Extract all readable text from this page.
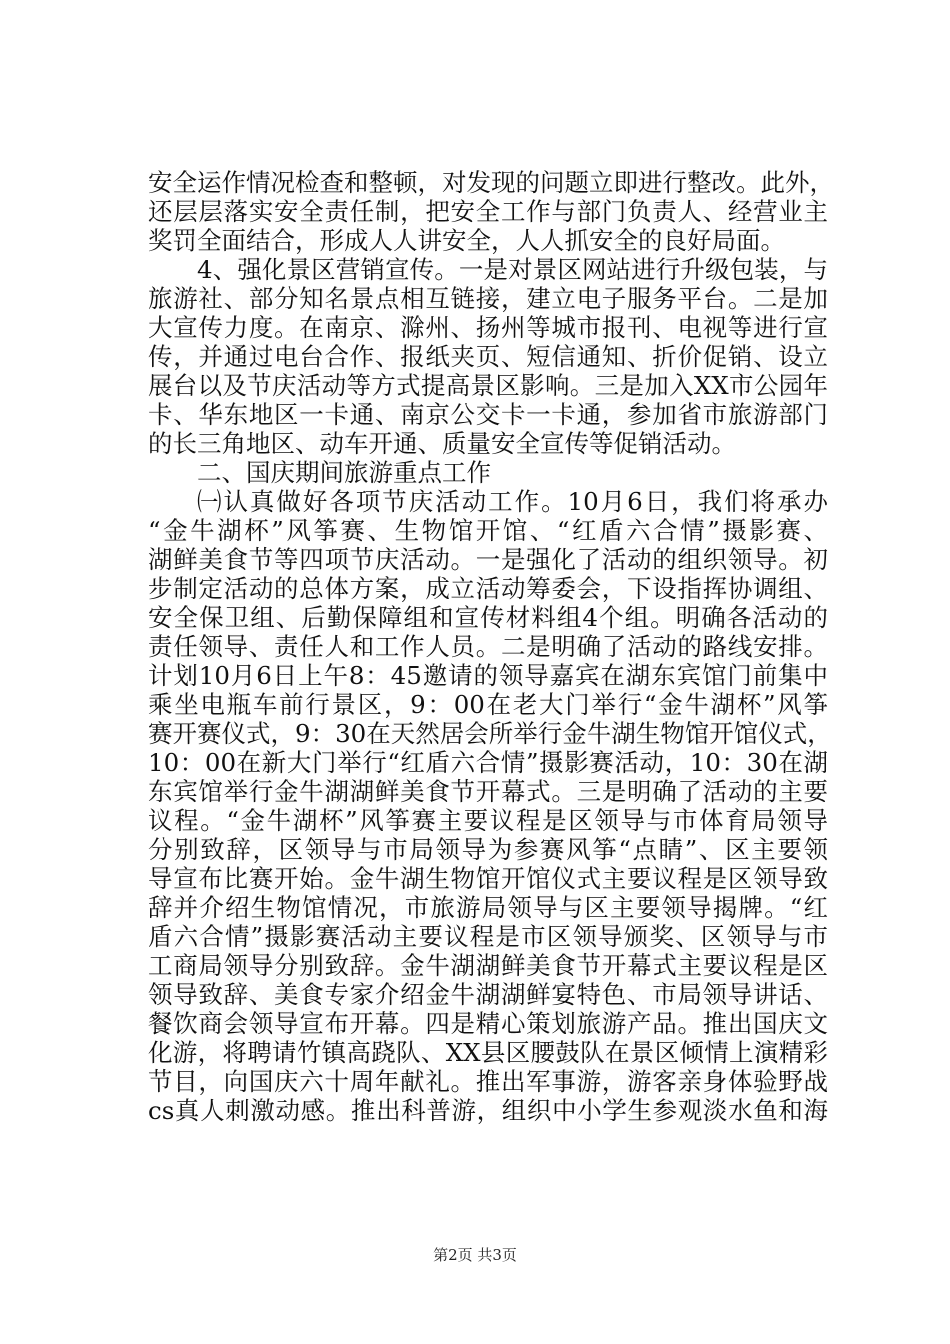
安全运作情况检查和整顿，对发现的问题立即进行整改。此外，
还层层落实安全责任制，把安全工作与部门负责人、经营业主
奖罚全面结合，形成人人讲安全，人人抓安全的良好局面。
4、强化景区营销宣传。一是对景区网站进行升级包装，与
旅游社、部分知名景点相互链接，建立电子服务平台。二是加
大宣传力度。在南京、滁州、扬州等城市报刊、电视等进行宣
传，并通过电台合作、报纸夹页、短信通知、折价促销、设立
展台以及节庆活动等方式提高景区影响。三是加入XX市公园年
卡、华东地区一卡通、南京公交卡一卡通，参加省市旅游部门
的长三角地区、动车开通、质量安全宣传等促销活动。
二、国庆期间旅游重点工作
㈠认真做好各项节庆活动工作。10月6日，我们将承办
“金牛湖杯”风筝赛、生物馆开馆、“红盾六合情”摄影赛、
湖鲜美食节等四项节庆活动。一是强化了活动的组织领导。初
步制定活动的总体方案，成立活动筹委会，下设指挥协调组、
安全保卫组、后勤保障组和宣传材料组4个组。明确各活动的
责任领导、责任人和工作人员。二是明确了活动的路线安排。
计划10月6日上午8：45邀请的领导嘉宾在湖东宾馆门前集中
乘坐电瓶车前行景区，9：00在老大门举行“金牛湖杯”风筝
赛开赛仪式，9：30在天然居会所举行金牛湖生物馆开馆仪式，
10：00在新大门举行“红盾六合情”摄影赛活动，10：30在湖
东宾馆举行金牛湖湖鲜美食节开幕式。三是明确了活动的主要
议程。“金牛湖杯”风筝赛主要议程是区领导与市体育局领导
分别致辞，区领导与市局领导为参赛风筝“点睛”、区主要领
导宣布比赛开始。金牛湖生物馆开馆仪式主要议程是区领导致
辞并介绍生物馆情况，市旅游局领导与区主要领导揭牌。“红
盾六合情”摄影赛活动主要议程是市区领导颁奖、区领导与市
工商局领导分别致辞。金牛湖湖鲜美食节开幕式主要议程是区
领导致辞、美食专家介绍金牛湖湖鲜宴特色、市局领导讲话、
餐饮商会领导宣布开幕。四是精心策划旅游产品。推出国庆文
化游，将聘请竹镇高跷队、XX县区腰鼓队在景区倾情上演精彩
节目，向国庆六十周年献礼。推出军事游，游客亲身体验野战
cs真人刺激动感。推出科普游，组织中小学生参观淡水鱼和海
第2页 共3页
